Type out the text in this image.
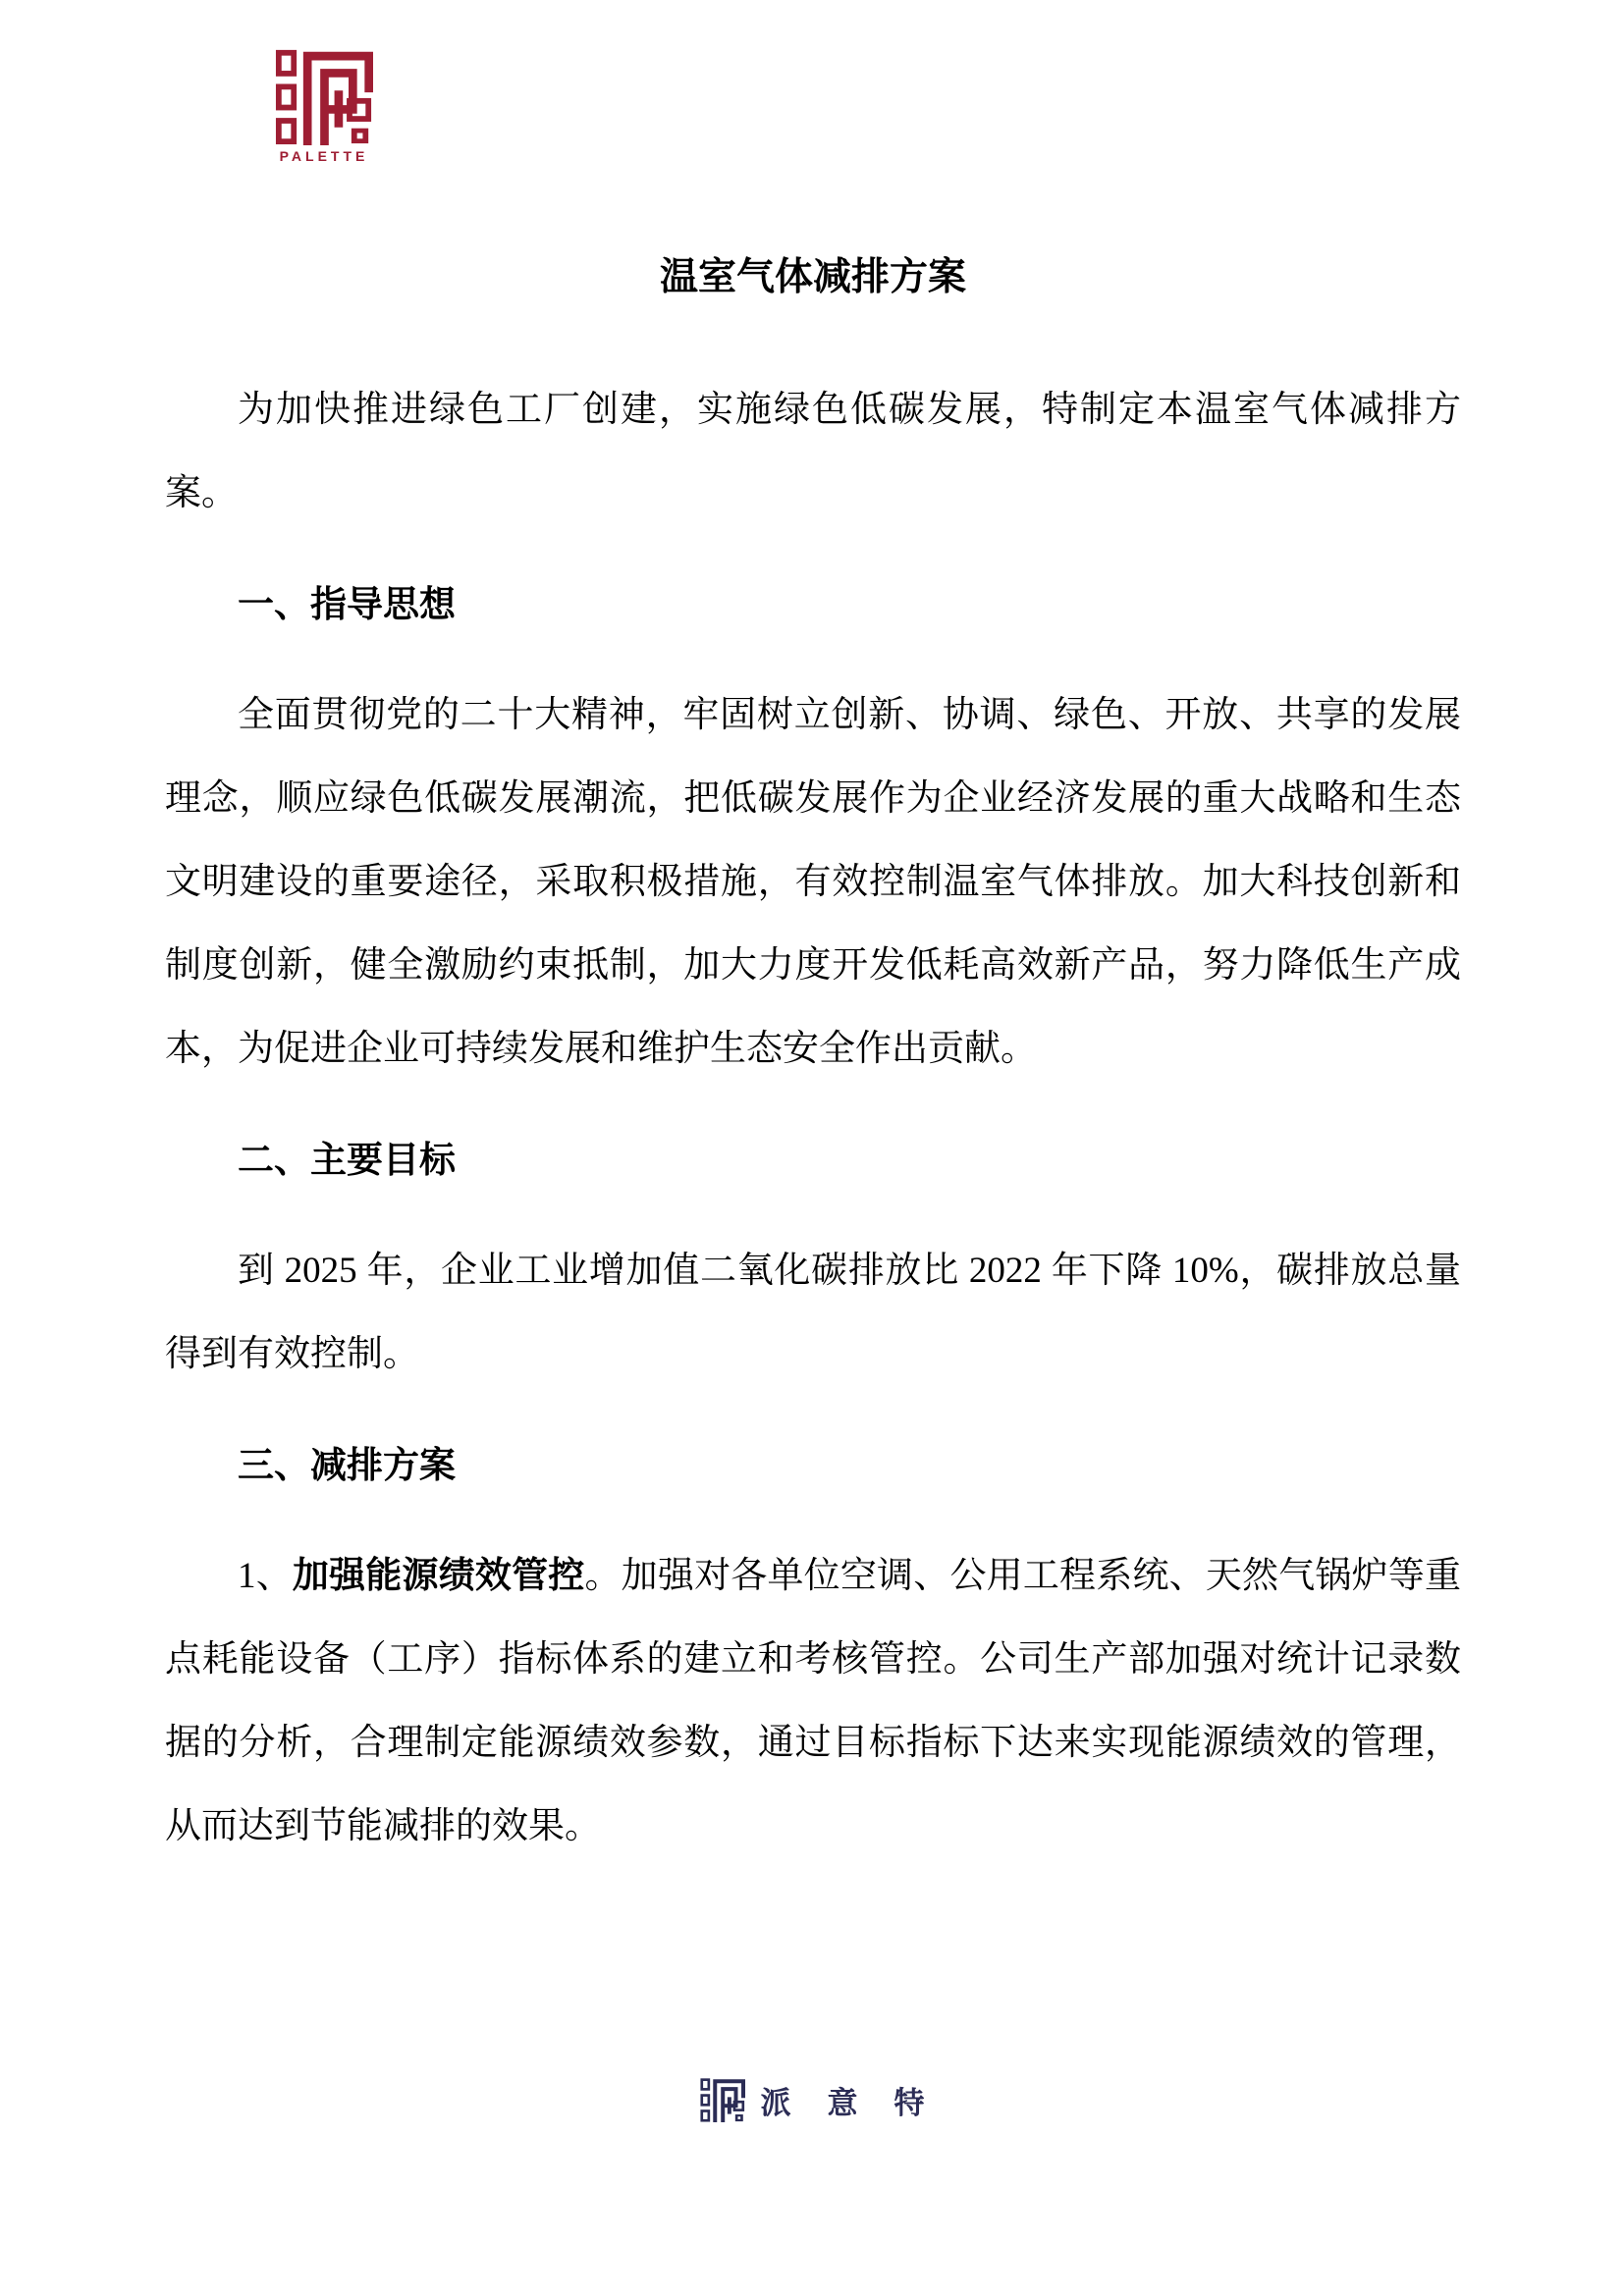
PALETTE
温室气体减排方案

为加快推进绿色工厂创建，实施绿色低碳发展，特制定本温室气体减排方案。

一、指导思想

全面贯彻党的二十大精神，牢固树立创新、协调、绿色、开放、共享的发展理念，顺应绿色低碳发展潮流，把低碳发展作为企业经济发展的重大战略和生态文明建设的重要途径，采取积极措施，有效控制温室气体排放。加大科技创新和制度创新，健全激励约束抵制，加大力度开发低耗高效新产品，努力降低生产成本，为促进企业可持续发展和维护生态安全作出贡献。

二、主要目标

到 2025 年，企业工业增加值二氧化碳排放比 2022 年下降 10%，碳排放总量得到有效控制。

三、减排方案

1、加强能源绩效管控。加强对各单位空调、公用工程系统、天然气锅炉等重点耗能设备（工序）指标体系的建立和考核管控。公司生产部加强对统计记录数据的分析，合理制定能源绩效参数，通过目标指标下达来实现能源绩效的管理，从而达到节能减排的效果。

派意特
